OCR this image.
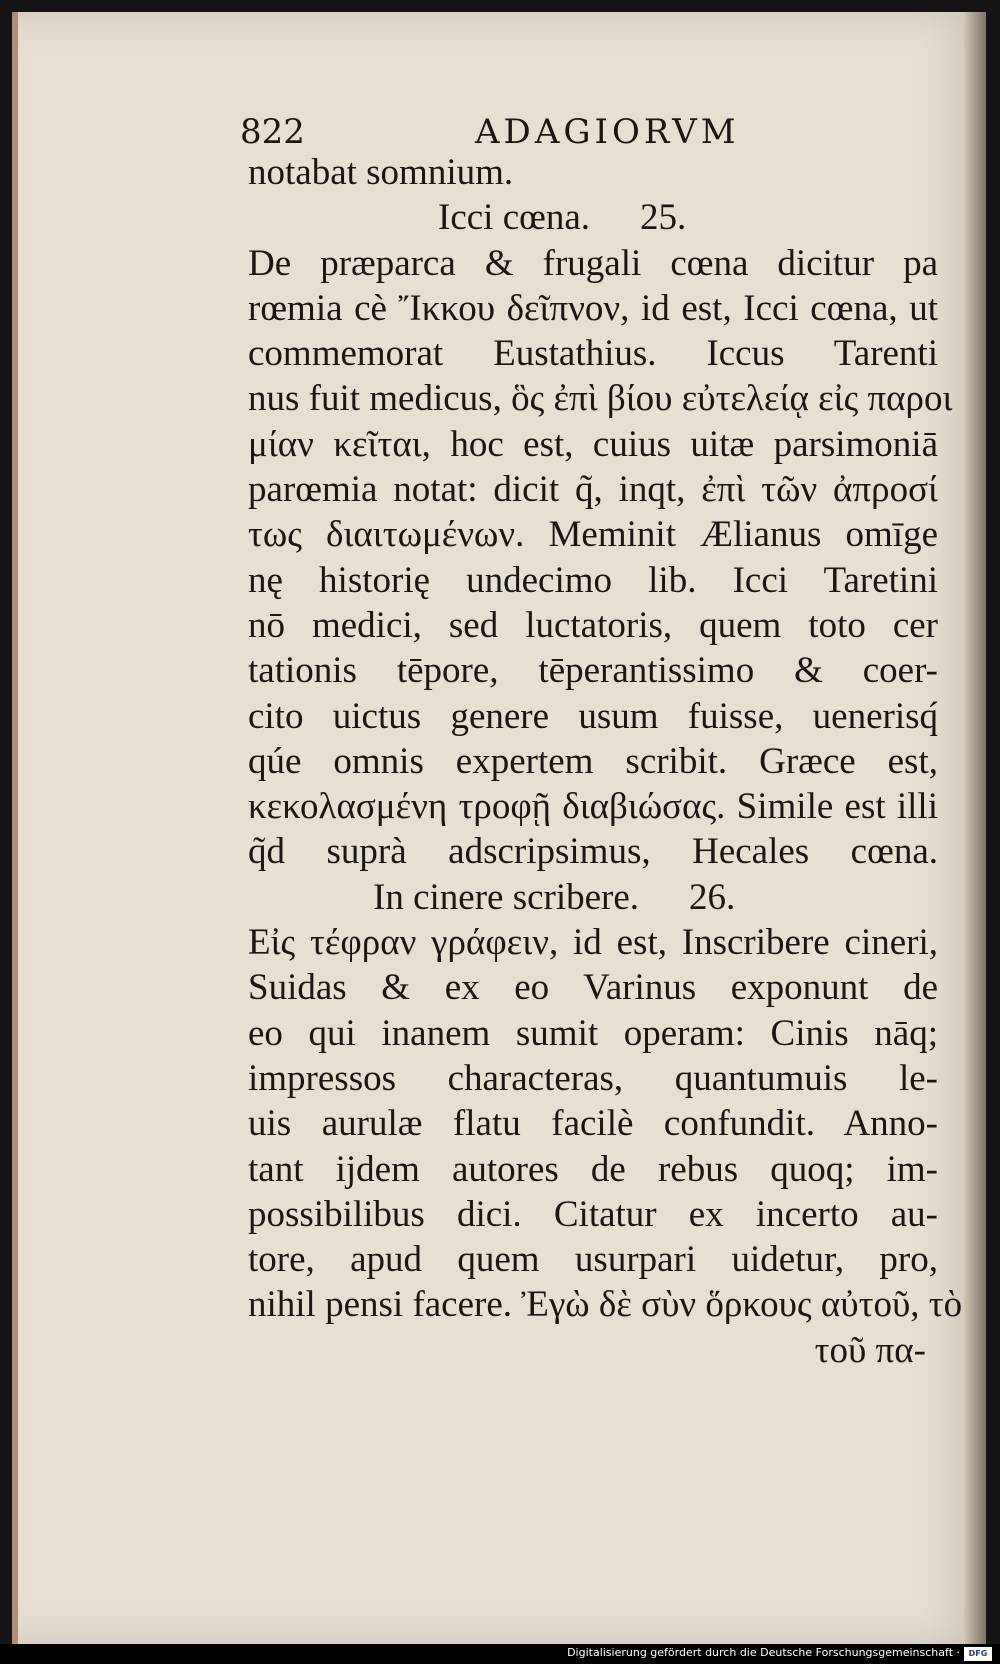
822	ADAGIORVM
notabat somnium.
Icci cœna. 25.
De præparca & frugali cœna dicitur pa
rœmia cè Ἴκκου δεῖπνον, id est, Icci cœna, ut
commemorat Eustathius. Iccus Tarenti
nus fuit medicus, ὃς ἐπὶ βίου εὐτελείᾳ εἰς παροι
μίαν κεῖται, hoc est, cuius uitæ parsimoniā
parœmia notat: dicit q̃, inqt, ἐπὶ τῶν ἀπροσί
τως διαιτωμένων. Meminit Ælianus omīge
nę historię undecimo lib. Icci Taretini
nō medici, sed luctatoris, quem toto cer
tationis tēpore, tēperantissimo & coer-
cito uictus genere usum fuisse, uenerisq́
qúe omnis expertem scribit. Græce est,
κεκολασμένη τροφῇ διαβιώσας. Simile est illi
q̃d suprà adscripsimus, Hecales cœna.
In cinere scribere. 26.
Εἰς τέφραν γράφειν, id est, Inscribere cineri,
Suidas & ex eo Varinus exponunt de
eo qui inanem sumit operam: Cinis nāq;
impressos characteras, quantumuis le-
uis aurulæ flatu facilè confundit. Anno-
tant ijdem autores de rebus quoq; im-
possibilibus dici. Citatur ex incerto au-
tore, apud quem usurpari uidetur, pro,
nihil pensi facere. Ἐγὼ δὲ σὺν ὅρκους αὐτοῦ, τὸ
τοῦ πα-
Digitalisierung gefördert durch die Deutsche Forschungsgemeinschaft ·	DFG
